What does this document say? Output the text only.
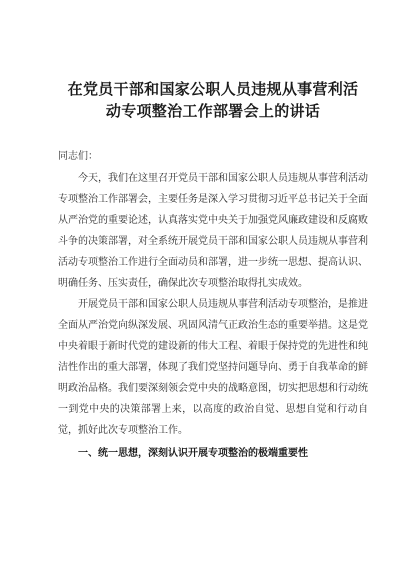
在党员干部和国家公职人员违规从事营利活
动专项整治工作部署会上的讲话

同志们：

今天，我们在这里召开党员干部和国家公职人员违规从事营利活动专项整治工作部署会，主要任务是深入学习贯彻习近平总书记关于全面从严治党的重要论述，认真落实党中央关于加强党风廉政建设和反腐败斗争的决策部署，对全系统开展党员干部和国家公职人员违规从事营利活动专项整治工作进行全面动员和部署，进一步统一思想、提高认识、明确任务、压实责任，确保此次专项整治取得扎实成效。

开展党员干部和国家公职人员违规从事营利活动专项整治，是推进全面从严治党向纵深发展、巩固风清气正政治生态的重要举措。这是党中央着眼于新时代党的建设新的伟大工程、着眼于保持党的先进性和纯洁性作出的重大部署，体现了我们党坚持问题导向、勇于自我革命的鲜明政治品格。我们要深刻领会党中央的战略意图，切实把思想和行动统一到党中央的决策部署上来，以高度的政治自觉、思想自觉和行动自觉，抓好此次专项整治工作。

一、统一思想，深刻认识开展专项整治的极端重要性
